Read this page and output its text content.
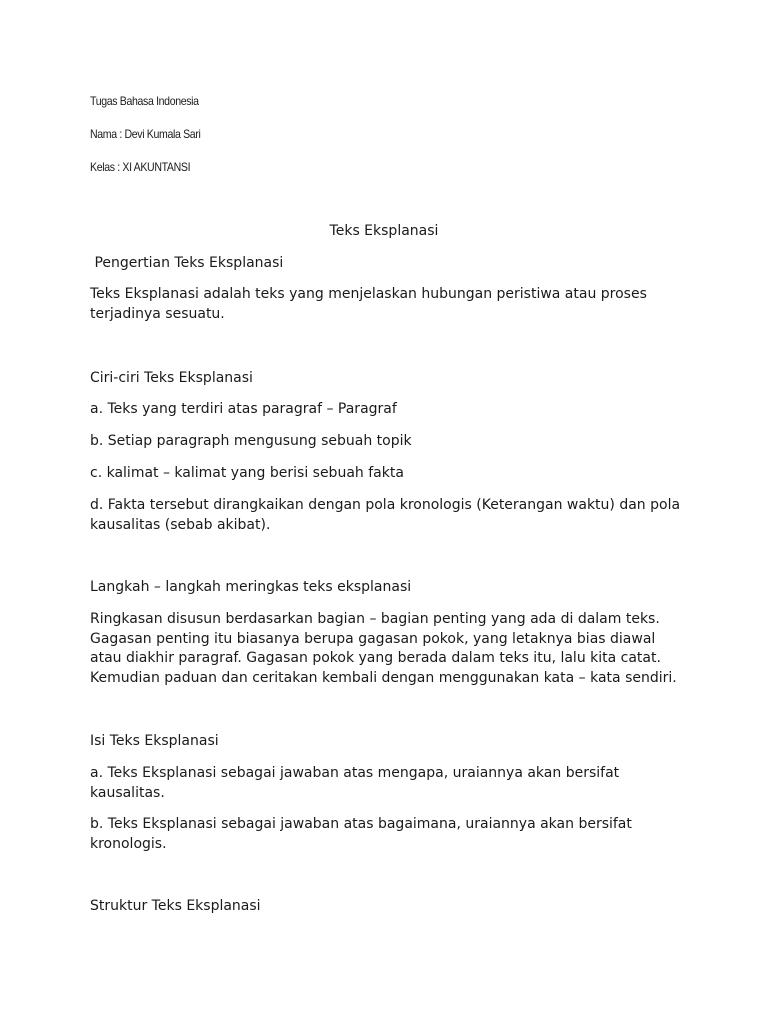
Tugas Bahasa Indonesia
Nama : Devi Kumala Sari
Kelas : XI AKUNTANSI
Teks Eksplanasi
Pengertian Teks Eksplanasi
Teks Eksplanasi adalah teks yang menjelaskan hubungan peristiwa atau proses terjadinya sesuatu.
Ciri-ciri Teks Eksplanasi
a. Teks yang terdiri atas paragraf – Paragraf
b. Setiap paragraph mengusung sebuah topik
c. kalimat – kalimat yang berisi sebuah fakta
d. Fakta tersebut dirangkaikan dengan pola kronologis (Keterangan waktu) dan pola kausalitas (sebab akibat).
Langkah – langkah meringkas teks eksplanasi
Ringkasan disusun berdasarkan bagian – bagian penting yang ada di dalam teks. Gagasan penting itu biasanya berupa gagasan pokok, yang letaknya bias diawal atau diakhir paragraf. Gagasan pokok yang berada dalam teks itu, lalu kita catat. Kemudian paduan dan ceritakan kembali dengan menggunakan kata – kata sendiri.
Isi Teks Eksplanasi
a. Teks Eksplanasi sebagai jawaban atas mengapa, uraiannya akan bersifat kausalitas.
b. Teks Eksplanasi sebagai jawaban atas bagaimana, uraiannya akan bersifat kronologis.
Struktur Teks Eksplanasi
